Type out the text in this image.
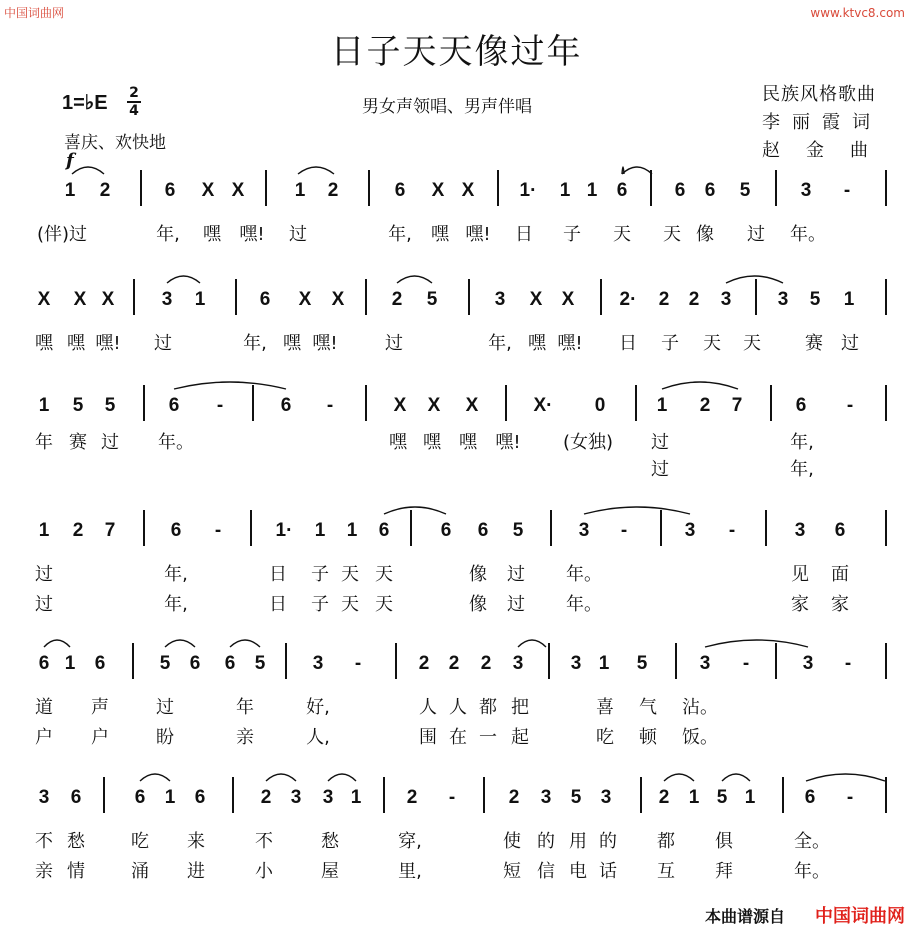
中国词曲网	www.ktvc8.com
日子天天像过年
1=♭E 2
4	男女声领唱、男声伴唱
喜庆、欢快地
f
民族风格歌曲
李丽霞词
赵金曲
1 2	6 X X	1 2	6 X X 1· 1 1 6 6 6 5	3 -
(伴)过	年, 嘿 嘿! 过	年, 嘿 嘿! 日 子 天 天 像 过 年。
X X X 3 1	6 X X 2 5	3 X X 2· 2 2 3 3 5 1
嘿 嘿 嘿! 过	年, 嘿 嘿!	过	年, 嘿 嘿! 日 子 天 天 赛 过
1 5 5	6 -	6 -	X X X	X· 0	1 2 7	6 -
年 赛 过 年。	嘿 嘿 嘿 嘿! (女独) 过	年,
过	年,
1 2 7	6 -	1· 1 1 6	6 6 5	3 -	3 -	3 6
过	年,	日 子 天 天	像 过 年。	见 面
过	年,	日 子 天 天	像 过 年。	家 家
6 1 6	5 6 6 5 3 -	2 2 2 3 3 1 5	3 -	3 -
道 声	过	年	好,	人 人 都 把	喜 气 沾。
户 户	盼	亲	人,	围 在 一 起	吃 顿 饭。
3 6	6 1 6	2 3 3 1 2 -	2 3 5 3 2 1 5 1	6 -
不 愁	吃 来	不	愁	穿,	使 的 用 的 都 俱	全。
亲 情	涌 进	小	屋	里,	短 信 电 话 互 拜	年。
本曲谱源自 中国词曲网
